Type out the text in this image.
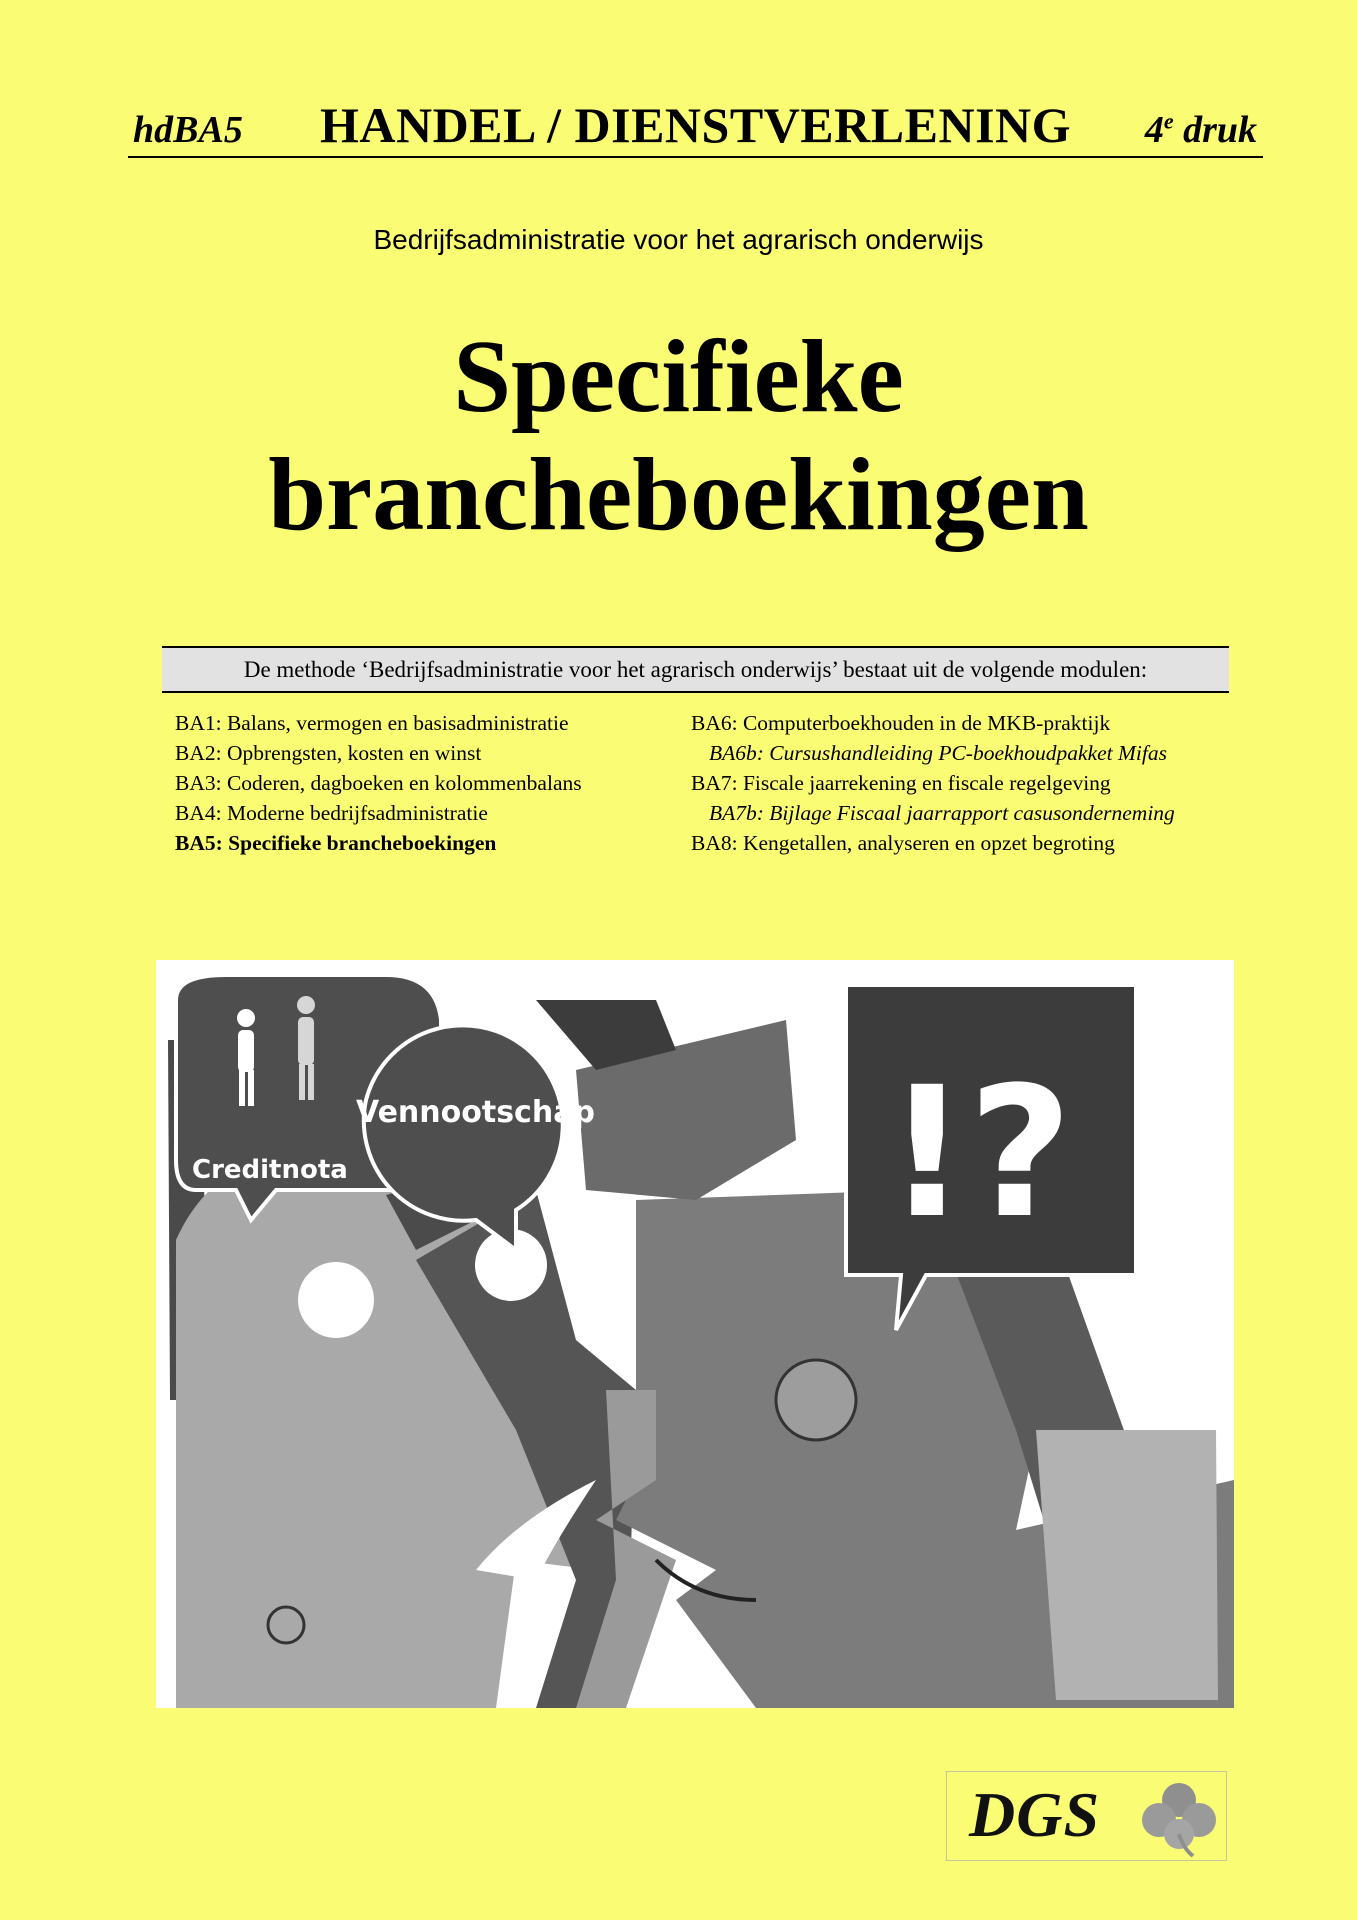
hdBA5	HANDEL / DIENSTVERLENING	4e druk
Bedrijfsadministratie voor het agrarisch onderwijs
Specifieke
brancheboekingen
De methode ‘Bedrijfsadministratie voor het agrarisch onderwijs’ bestaat uit de volgende modulen:
BA1: Balans, vermogen en basisadministratie
BA2: Opbrengsten, kosten en winst
BA3: Coderen, dagboeken en kolommenbalans
BA4: Moderne bedrijfsadministratie
BA5: Specifieke brancheboekingen
BA6: Computerboekhouden in de MKB-praktijk
BA6b: Cursushandleiding PC-boekhoudpakket Mifas
BA7: Fiscale jaarrekening en fiscale regelgeving
BA7b: Bijlage Fiscaal jaarrapport casusonderneming
BA8: Kengetallen, analyseren en opzet begroting
Creditnota
Vennootschap !?
DGS
